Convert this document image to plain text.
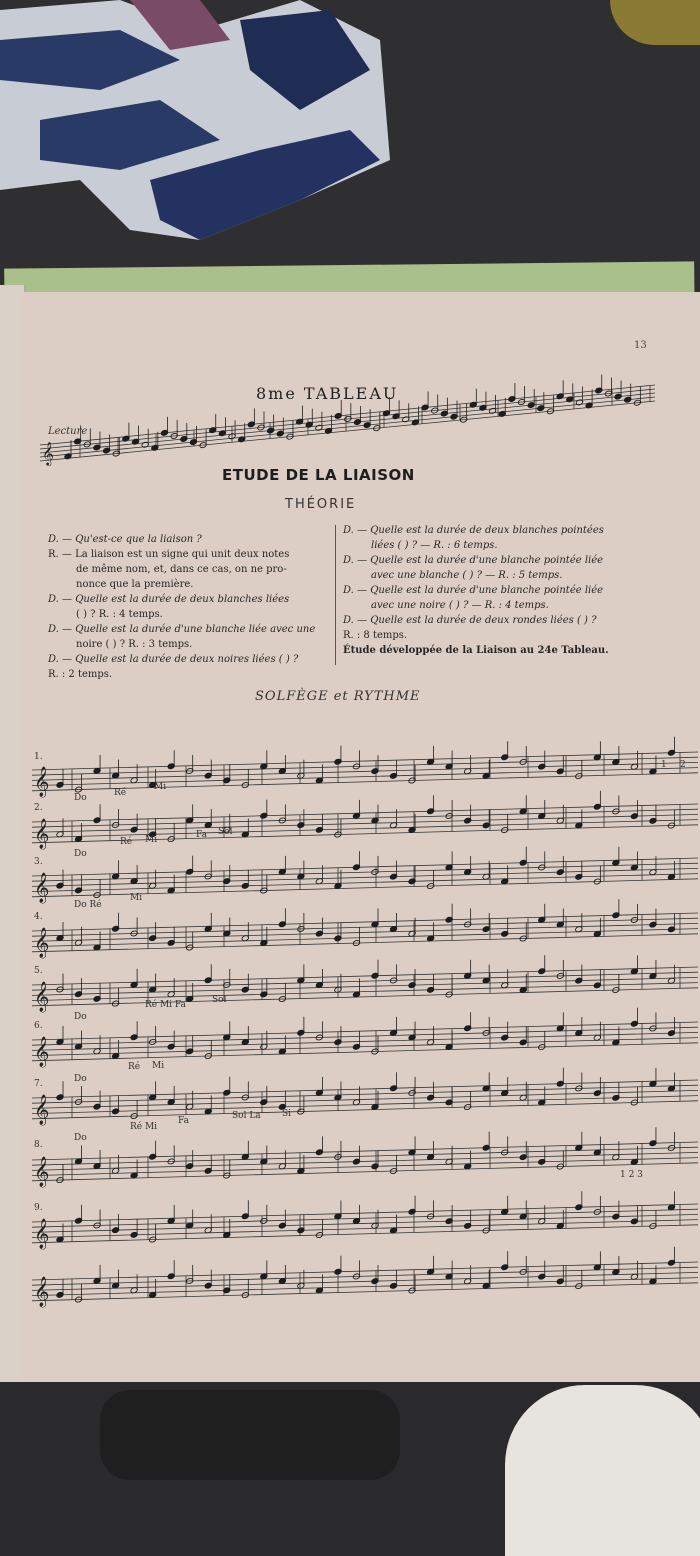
13
8me TABLEAU
Lecture
ETUDE DE LA LIAISON
THÉORIE

D. — Qu'est-ce que la liaison ?

R. — La liaison est un signe qui unit deux notes

de même nom, et, dans ce cas, on ne pro-

nonce que la première.

D. — Quelle est la durée de deux blanches liées

( ) ? R. : 4 temps.

D. — Quelle est la durée d'une blanche liée avec une

noire ( ) ? R. : 3 temps.

D. — Quelle est la durée de deux noires liées ( ) ?

R. : 2 temps.

D. — Quelle est la durée de deux blanches pointées

liées ( ) ? — R. : 6 temps.

D. — Quelle est la durée d'une blanche pointée liée

avec une blanche ( ) ? — R. : 5 temps.

D. — Quelle est la durée d'une blanche pointée liée

avec une noire ( ) ? — R. : 4 temps.

D. — Quelle est la durée de deux rondes liées ( ) ?

R. : 8 temps.

Étude développée de la Liaison au 24e Tableau.

SOLFÈGE et RYTHME
𝄞
𝄞
𝄞
𝄞
𝄞
𝄞
𝄞
𝄞
𝄞
𝄞
𝄞
1.
2.
3.
4.
5.
6.
7.
8.
9.
Do	Ré
Mi
Do
Ré Mi	Fa Sol
Do Ré
Mi
Do
Ré Mi Fa	Sol
Do
Ré Mi
Do
Ré Mi
Fa	Sol La Si
1 2
1 2 3
